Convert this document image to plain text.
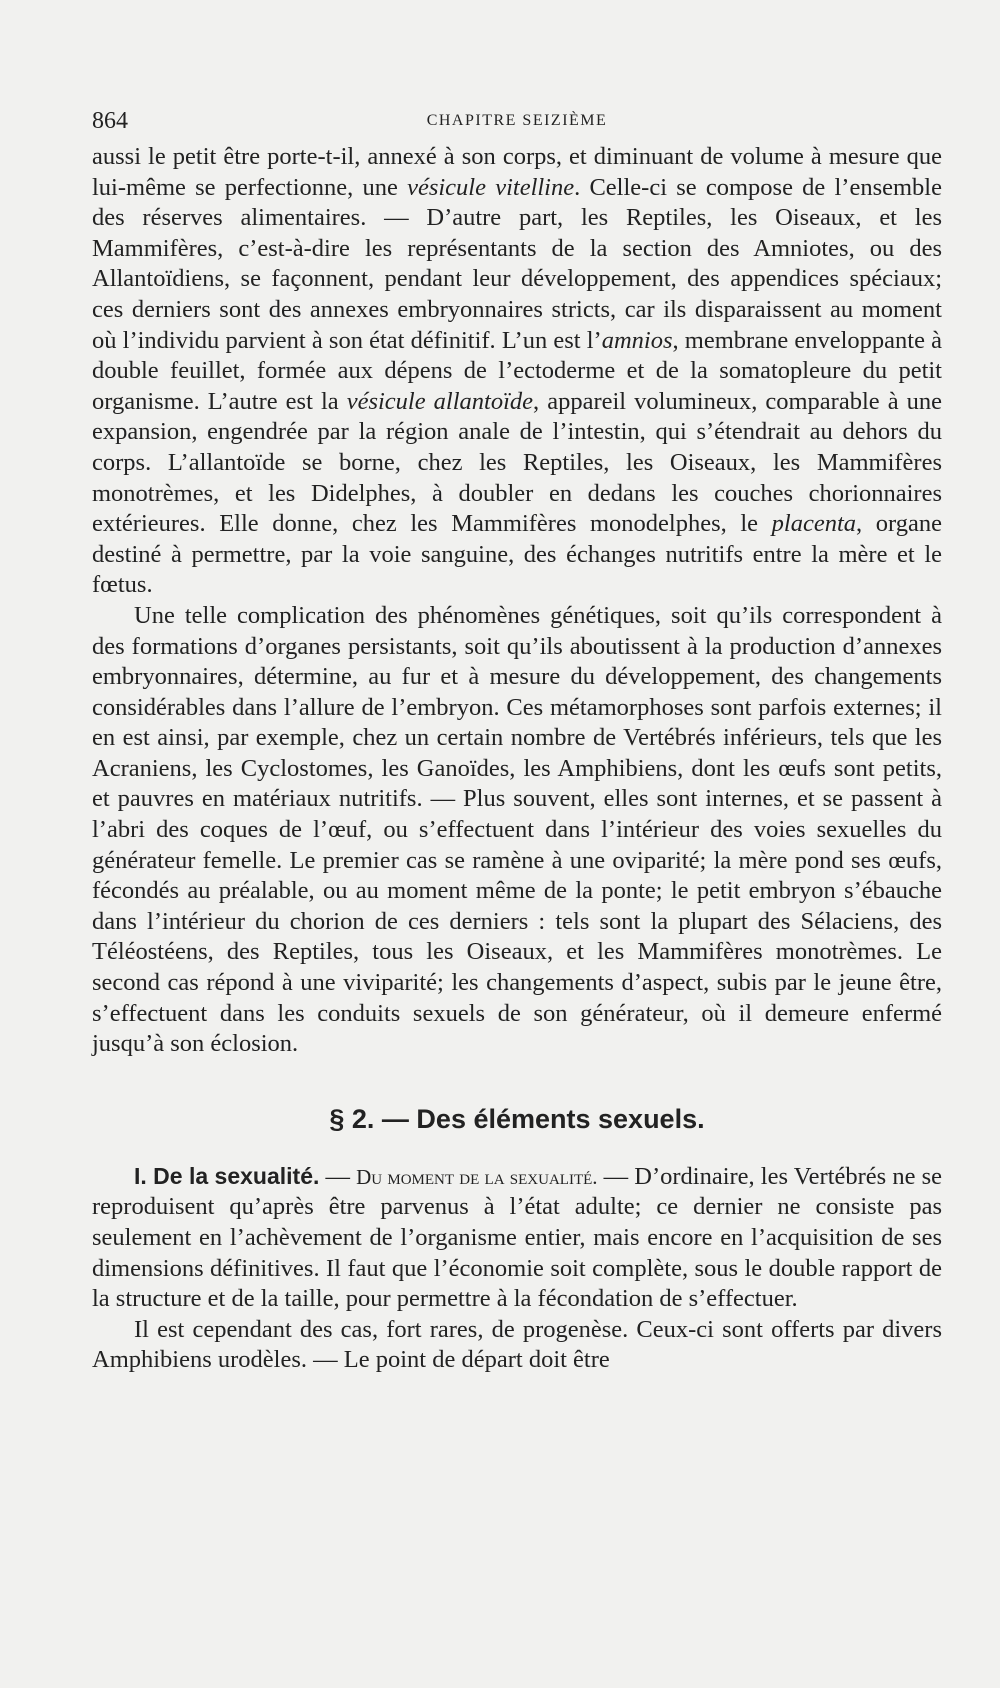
864	CHAPITRE SEIZIÈME

aussi le petit être porte-t-il, annexé à son corps, et diminuant de volume à mesure que lui-même se perfectionne, une vésicule vitelline. Celle-ci se compose de l’ensemble des réserves alimentaires. — D’autre part, les Reptiles, les Oiseaux, et les Mammifères, c’est-à-dire les représentants de la section des Amniotes, ou des Allantoïdiens, se façonnent, pendant leur développement, des appendices spéciaux; ces derniers sont des annexes embryonnaires stricts, car ils disparaissent au moment où l’individu parvient à son état définitif. L’un est l’amnios, membrane enveloppante à double feuillet, formée aux dépens de l’ectoderme et de la somatopleure du petit organisme. L’autre est la vésicule allantoïde, appareil volumineux, comparable à une expansion, engendrée par la région anale de l’intestin, qui s’étendrait au dehors du corps. L’allantoïde se borne, chez les Reptiles, les Oiseaux, les Mammifères monotrèmes, et les Didelphes, à doubler en dedans les couches chorionnaires extérieures. Elle donne, chez les Mammifères monodelphes, le placenta, organe destiné à permettre, par la voie sanguine, des échanges nutritifs entre la mère et le fœtus.

Une telle complication des phénomènes génétiques, soit qu’ils correspondent à des formations d’organes persistants, soit qu’ils aboutissent à la production d’annexes embryonnaires, détermine, au fur et à mesure du développement, des changements considérables dans l’allure de l’embryon. Ces métamorphoses sont parfois externes; il en est ainsi, par exemple, chez un certain nombre de Vertébrés inférieurs, tels que les Acraniens, les Cyclostomes, les Ganoïdes, les Amphibiens, dont les œufs sont petits, et pauvres en matériaux nutritifs. — Plus souvent, elles sont internes, et se passent à l’abri des coques de l’œuf, ou s’effectuent dans l’intérieur des voies sexuelles du générateur femelle. Le premier cas se ramène à une oviparité; la mère pond ses œufs, fécondés au préalable, ou au moment même de la ponte; le petit embryon s’ébauche dans l’intérieur du chorion de ces derniers : tels sont la plupart des Sélaciens, des Téléostéens, des Reptiles, tous les Oiseaux, et les Mammifères monotrèmes. Le second cas répond à une viviparité; les changements d’aspect, subis par le jeune être, s’effectuent dans les conduits sexuels de son générateur, où il demeure enfermé jusqu’à son éclosion.

§ 2. — Des éléments sexuels.

I. De la sexualité. — Du moment de la sexualité. — D’ordinaire, les Vertébrés ne se reproduisent qu’après être parvenus à l’état adulte; ce dernier ne consiste pas seulement en l’achèvement de l’organisme entier, mais encore en l’acquisition de ses dimensions définitives. Il faut que l’économie soit complète, sous le double rapport de la structure et de la taille, pour permettre à la fécondation de s’effectuer.

Il est cependant des cas, fort rares, de progenèse. Ceux-ci sont offerts par divers Amphibiens urodèles. — Le point de départ doit être
